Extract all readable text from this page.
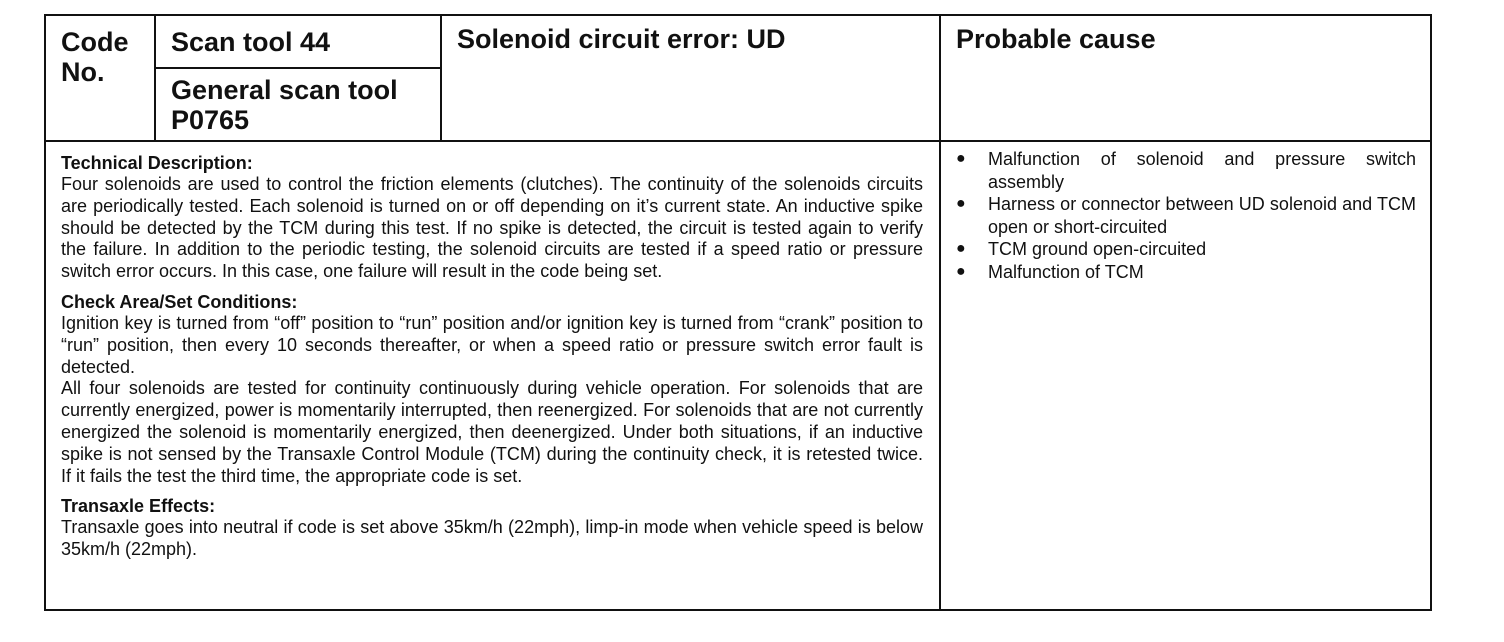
Code
No.
Scan tool 44
General scan tool
P0765
Solenoid circuit error: UD	Probable cause
Technical Description:

Four solenoids are used to control the friction elements (clutches). The continuity of the solenoids circuits are periodically tested. Each solenoid is turned on or off depending on it’s current state. An inductive spike should be detected by the TCM during this test. If no spike is detected, the circuit is tested again to verify the failure. In addition to the periodic testing, the solenoid circuits are tested if a speed ratio or pressure switch error occurs. In this case, one failure will result in the code being set.

Check Area/Set Conditions:

Ignition key is turned from “off” position to “run” position and/or ignition key is turned from “crank” position to “run” position, then every 10 seconds thereafter, or when a speed ratio or pressure switch error fault is detected.

All four solenoids are tested for continuity continuously during vehicle operation. For solenoids that are currently energized, power is momentarily interrupted, then reenergized. For solenoids that are not currently energized the solenoid is momentarily energized, then deenergized. Under both situations, if an inductive spike is not sensed by the Transaxle Control Module (TCM) during the continuity check, it is retested twice. If it fails the test the third time, the appropriate code is set.

Transaxle Effects:

Transaxle goes into neutral if code is set above 35km/h (22mph), limp-in mode when vehicle speed is below 35km/h (22mph).

● Malfunction of solenoid and pressure switch assembly
● Harness or connector between UD solenoid and TCM open or short-circuited
● TCM ground open-circuited
● Malfunction of TCM
